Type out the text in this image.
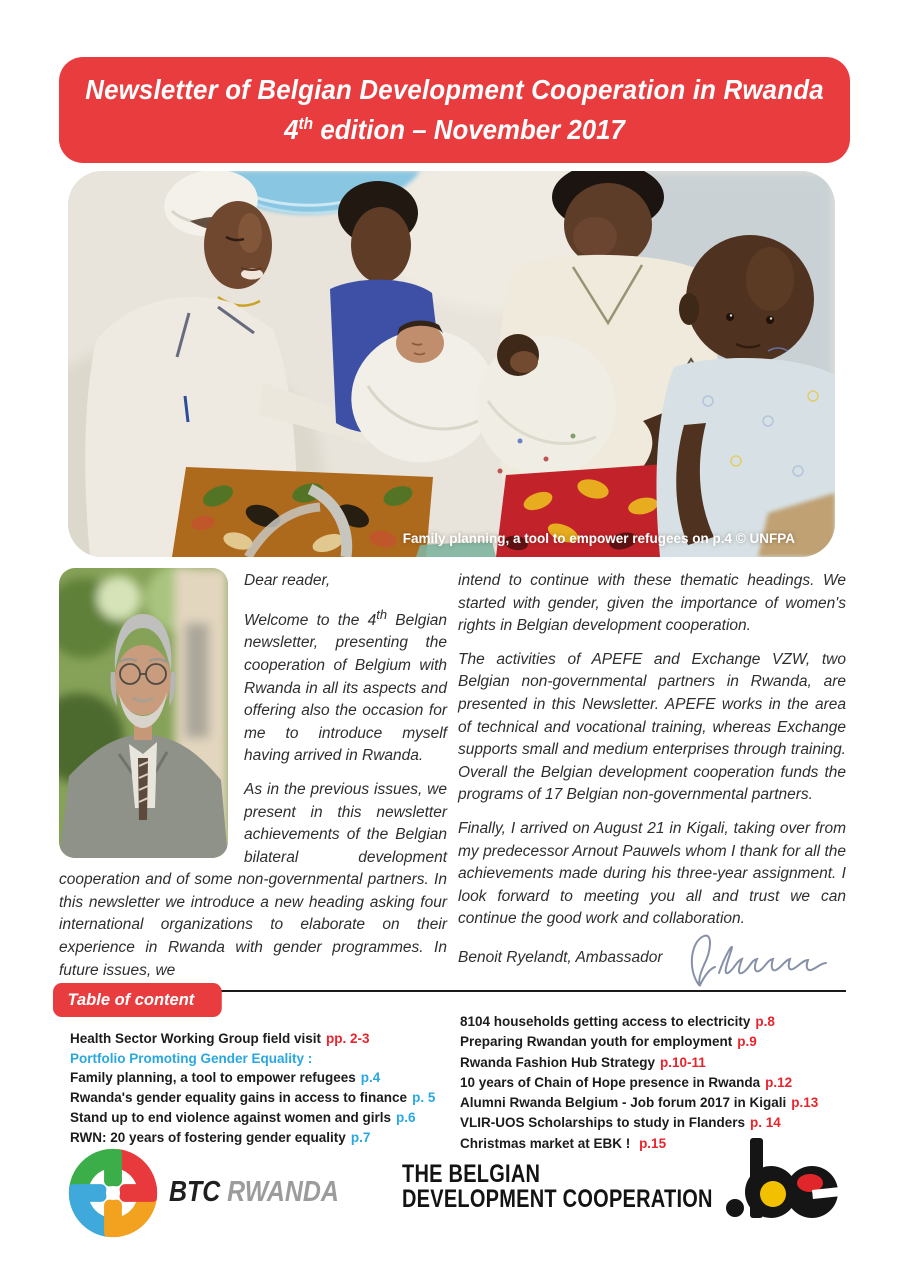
Newsletter of Belgian Development Cooperation in Rwanda
4th edition – November 2017
Family planning, a tool to empower refugees on p.4 © UNFPA

Dear reader,

Welcome to the 4th Belgian newsletter, presenting the cooperation of Belgium with Rwanda in all its aspects and offering also the occasion for me to introduce myself having arrived in Rwanda.

As in the previous issues, we present in this newsletter achievements of the Belgian bilateral development cooperation and of some non-governmental partners. In this newsletter we introduce a new heading asking four international organizations to elaborate on their experience in Rwanda with gender programmes. In future issues, we

intend to continue with these thematic headings. We started with gender, given the importance of women's rights in Belgian development cooperation.

The activities of APEFE and Exchange VZW, two Belgian non-governmental partners in Rwanda, are presented in this Newsletter. APEFE works in the area of technical and vocational training, whereas Exchange supports small and medium enterprises through training. Overall the Belgian development cooperation funds the programs of 17 Belgian non-governmental partners.

Finally, I arrived on August 21 in Kigali, taking over from my predecessor Arnout Pauwels whom I thank for all the achievements made during his three-year assignment. I look forward to meeting you all and trust we can continue the good work and collaboration.

Benoit Ryelandt, Ambassador

Table of content
Health Sector Working Group field visit pp. 2-3
Portfolio Promoting Gender Equality :
Family planning, a tool to empower refugees p.4
Rwanda's gender equality gains in access to finance p. 5
Stand up to end violence against women and girls p.6
RWN: 20 years of fostering gender equality p.7
8104 households getting access to electricity p.8
Preparing Rwandan youth for employment p.9
Rwanda Fashion Hub Strategy p.10-11
10 years of Chain of Hope presence in Rwanda p.12
Alumni Rwanda Belgium - Job forum 2017 in Kigali p.13
VLIR-UOS Scholarships to study in Flanders p. 14
Christmas market at EBK ! p.15
BTC RWANDA
THE BELGIAN
DEVELOPMENT COOPERATION
